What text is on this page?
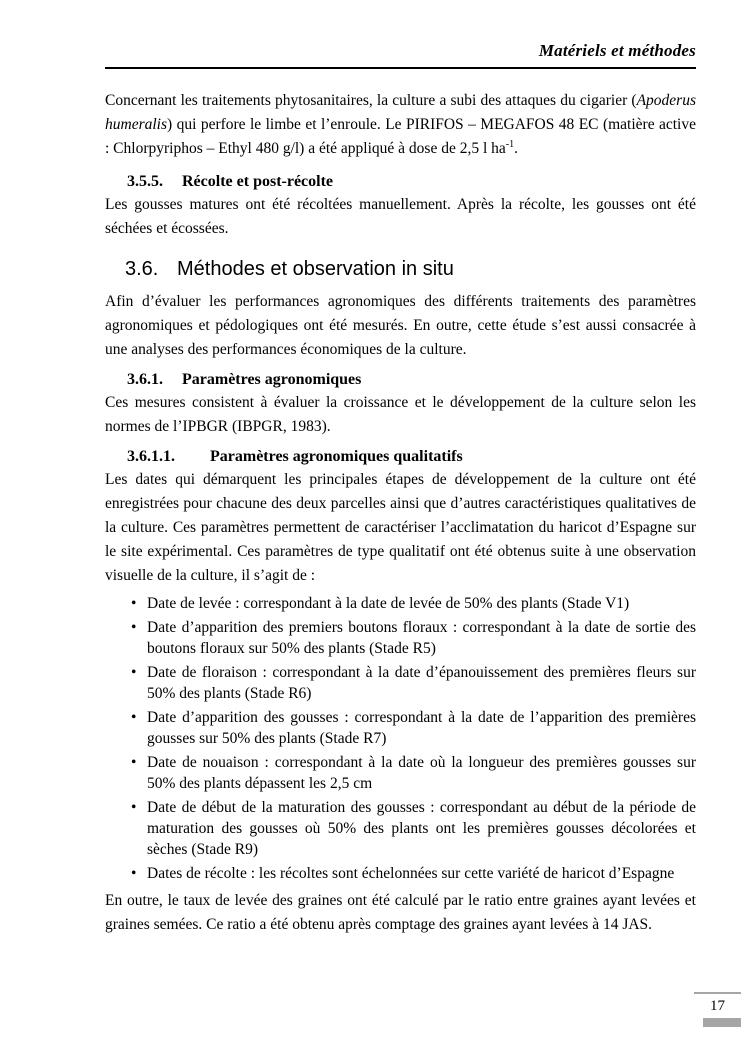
Matériels et méthodes

Concernant les traitements phytosanitaires, la culture a subi des attaques du cigarier (Apoderus humeralis) qui perfore le limbe et l’enroule. Le PIRIFOS – MEGAFOS 48 EC (matière active : Chlorpyriphos – Ethyl 480 g/l) a été appliqué à dose de 2,5 l $ha^{-1}$.

3.5.5.	Récolte et post-récolte

Les gousses matures ont été récoltées manuellement. Après la récolte, les gousses ont été séchées et écossées.

3.6. Méthodes et observation in situ

Afin d’évaluer les performances agronomiques des différents traitements des paramètres agronomiques et pédologiques ont été mesurés. En outre, cette étude s’est aussi consacrée à une analyses des performances économiques de la culture.

3.6.1.	Paramètres agronomiques

Ces mesures consistent à évaluer la croissance et le développement de la culture selon les normes de l’IPBGR (IBPGR, 1983).

3.6.1.1.	Paramètres agronomiques qualitatifs

Les dates qui démarquent les principales étapes de développement de la culture ont été enregistrées pour chacune des deux parcelles ainsi que d’autres caractéristiques qualitatives de la culture. Ces paramètres permettent de caractériser l’acclimatation du haricot d’Espagne sur le site expérimental. Ces paramètres de type qualitatif ont été obtenus suite à une observation visuelle de la culture, il s’agit de :

• Date de levée : correspondant à la date de levée de 50% des plants (Stade V1)
• Date d’apparition des premiers boutons floraux : correspondant à la date de sortie des boutons floraux sur 50% des plants (Stade R5)
• Date de floraison : correspondant à la date d’épanouissement des premières fleurs sur 50% des plants (Stade R6)
• Date d’apparition des gousses : correspondant à la date de l’apparition des premières gousses sur 50% des plants (Stade R7)
• Date de nouaison : correspondant à la date où la longueur des premières gousses sur 50% des plants dépassent les 2,5 cm
• Date de début de la maturation des gousses : correspondant au début de la période de maturation des gousses où 50% des plants ont les premières gousses décolorées et sèches (Stade R9)
• Dates de récolte : les récoltes sont échelonnées sur cette variété de haricot d’Espagne

En outre, le taux de levée des graines ont été calculé par le ratio entre graines ayant levées et graines semées. Ce ratio a été obtenu après comptage des graines ayant levées à 14 JAS.

17
